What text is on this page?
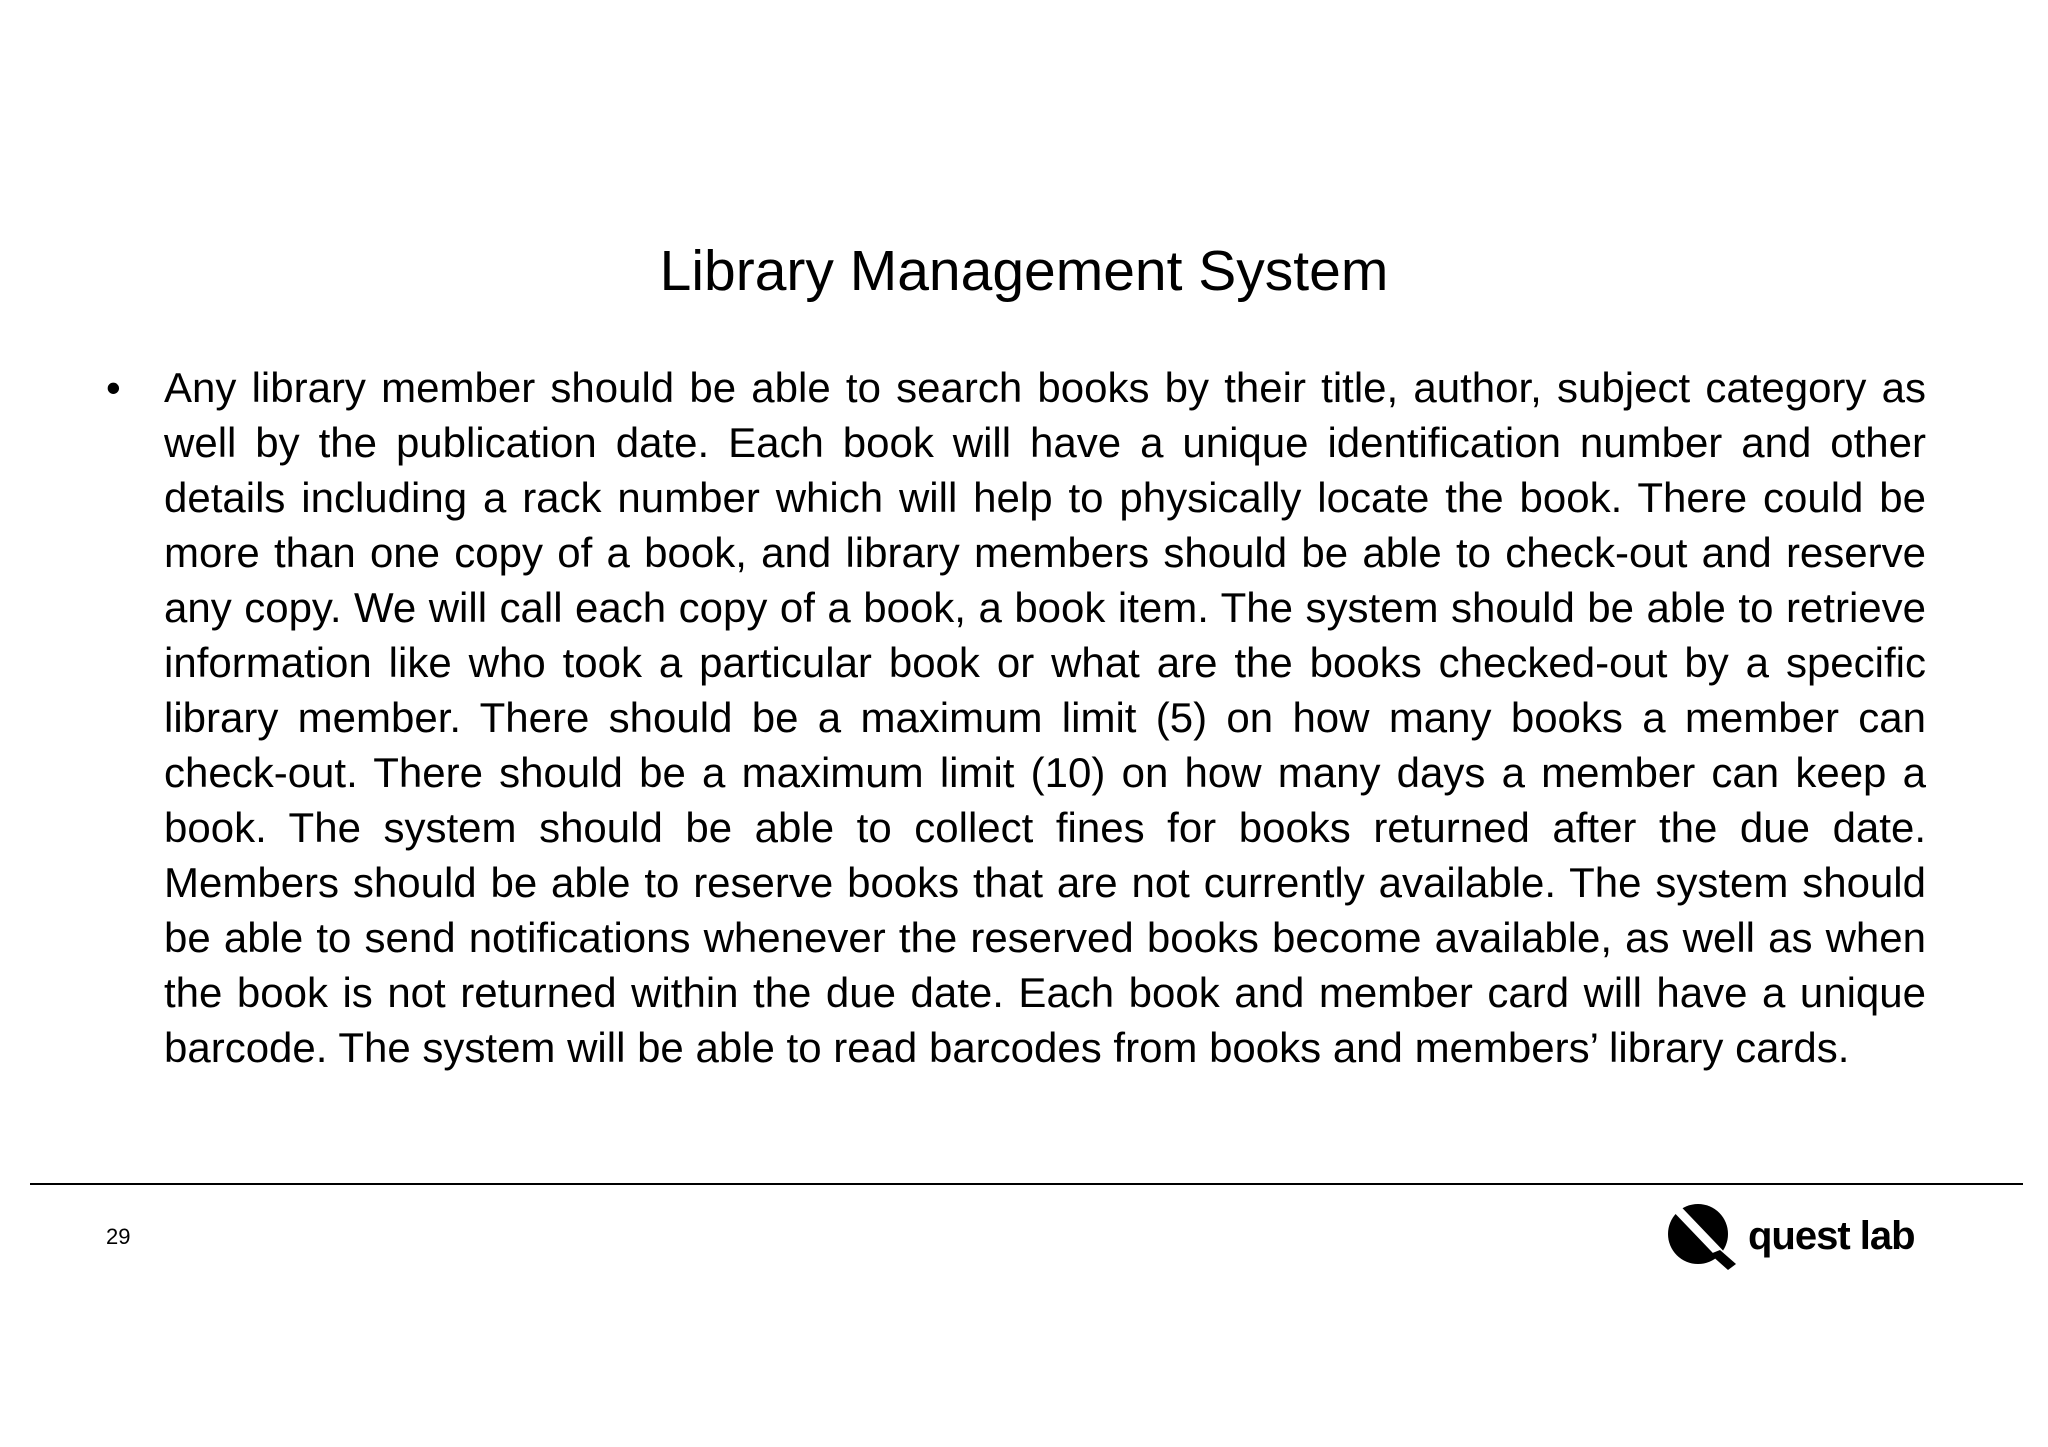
Library Management System
•	Any library member should be able to search books by their title, author, subject category as well by the publication date. Each book will have a unique identification number and other details including a rack number which will help to physically locate the book. There could be more than one copy of a book, and library members should be able to check-out and reserve any copy. We will call each copy of a book, a book item. The system should be able to retrieve information like who took a particular book or what are the books checked-out by a specific library member. There should be a maximum limit (5) on how many books a member can check-out. There should be a maximum limit (10) on how many days a member can keep a book. The system should be able to collect fines for books returned after the due date. Members should be able to reserve books that are not currently available. The system should be able to send notifications whenever the reserved books become available, as well as when the book is not returned within the due date. Each book and member card will have a unique barcode. The system will be able to read barcodes from books and members’ library cards.
29	quest lab
